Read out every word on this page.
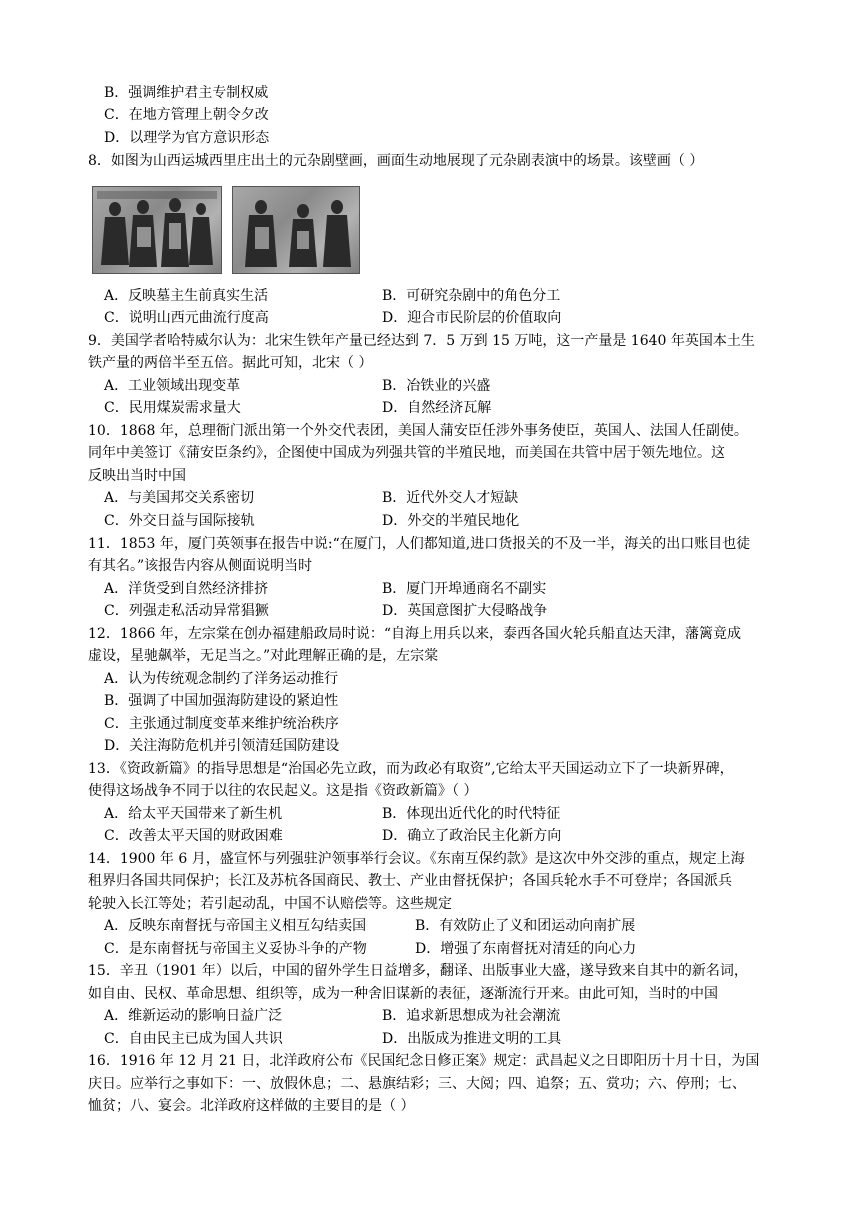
B．强调维护君主专制权威
C．在地方管理上朝令夕改
D．以理学为官方意识形态
8．如图为山西运城西里庄出土的元杂剧壁画，画面生动地展现了元杂剧表演中的场景。该壁画（ ）
A．反映墓主生前真实生活	B．可研究杂剧中的角色分工
C．说明山西元曲流行度高	D．迎合市民阶层的价值取向
9．美国学者哈特威尔认为：北宋生铁年产量已经达到 7．5 万到 15 万吨，这一产量是 1640 年英国本土生
铁产量的两倍半至五倍。据此可知，北宋（ ）
A．工业领域出现变革	B．冶铁业的兴盛
C．民用煤炭需求量大	D．自然经济瓦解
10．1868 年，总理衙门派出第一个外交代表团，美国人蒲安臣任涉外事务使臣，英国人、法国人任副使。
同年中美签订《蒲安臣条约》，企图使中国成为列强共管的半殖民地，而美国在共管中居于领先地位。这
反映出当时中国
A．与美国邦交关系密切	B．近代外交人才短缺
C．外交日益与国际接轨	D．外交的半殖民地化
11．1853 年，厦门英领事在报告中说:“在厦门，人们都知道,进口货报关的不及一半，海关的出口账目也徒
有其名。”该报告内容从侧面说明当时
A．洋货受到自然经济排挤	B．厦门开埠通商名不副实
C．列强走私活动异常猖獗	D．英国意图扩大侵略战争
12．1866 年，左宗棠在创办福建船政局时说：“自海上用兵以来，泰西各国火轮兵船直达天津，藩篱竟成
虚设，星驰飙举，无足当之。”对此理解正确的是，左宗棠
A．认为传统观念制约了洋务运动推行
B．强调了中国加强海防建设的紧迫性
C．主张通过制度变革来维护统治秩序
D．关注海防危机并引领清廷国防建设
13．《资政新篇》的指导思想是“治国必先立政，而为政必有取资”,它给太平天国运动立下了一块新界碑，
使得这场战争不同于以往的农民起义。这是指《资政新篇》（ ）
A．给太平天国带来了新生机	B．体现出近代化的时代特征
C．改善太平天国的财政困难	D．确立了政治民主化新方向
14．1900 年 6 月，盛宣怀与列强驻沪领事举行会议。《东南互保约款》是这次中外交涉的重点，规定上海
租界归各国共同保护；长江及苏杭各国商民、教士、产业由督抚保护；各国兵轮水手不可登岸；各国派兵
轮驶入长江等处；若引起动乱，中国不认赔偿等。这些规定
A．反映东南督抚与帝国主义相互勾结卖国	B．有效防止了义和团运动向南扩展
C．是东南督抚与帝国主义妥协斗争的产物	D．增强了东南督抚对清廷的向心力
15．辛丑（1901 年）以后，中国的留外学生日益增多，翻译、出版事业大盛，遂导致来自其中的新名词，
如自由、民权、革命思想、组织等，成为一种舍旧谋新的表征，逐渐流行开来。由此可知，当时的中国
A．维新运动的影响日益广泛	B．追求新思想成为社会潮流
C．自由民主已成为国人共识	D．出版成为推进文明的工具
16．1916 年 12 月 21 日，北洋政府公布《民国纪念日修正案》规定：武昌起义之日即阳历十月十日，为国
庆日。应举行之事如下：一、放假休息；二、悬旗结彩；三、大阅；四、追祭；五、赏功；六、停刑；七、
恤贫；八、宴会。北洋政府这样做的主要目的是（ ）
